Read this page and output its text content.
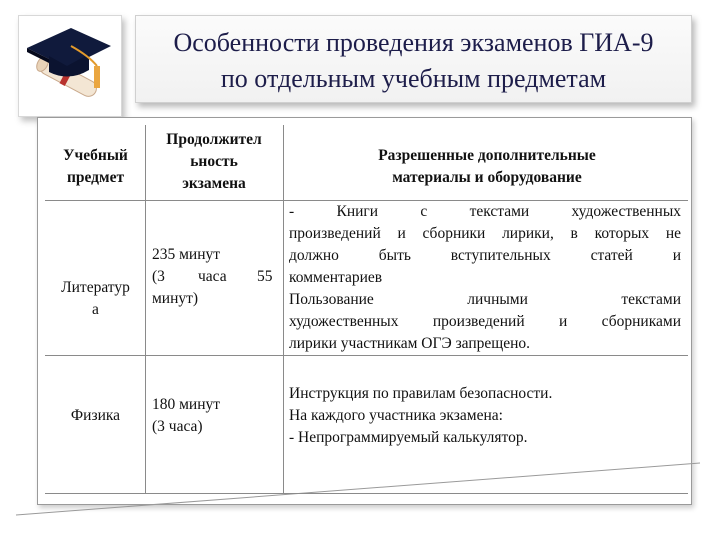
Особенности проведения экзаменов ГИА-9
по отдельным учебным предметам
Учебный
предмет
Продолжител
ьность
экзамена
Разрешенные дополнительные
материалы и оборудование

Литератур
а

235 минут
(3 часа 55
минут)
- Книги с текстами художественных
произведений и сборники лирики, в которых не
должно быть вступительных статей и
комментариев
Пользование личными текстами
художественных произведений и сборниками
лирики участникам ОГЭ запрещено.
Физика
180 минут
(3 часа)
Инструкция по правилам безопасности.
На каждого участника экзамена:
- Непрограммируемый калькулятор.
